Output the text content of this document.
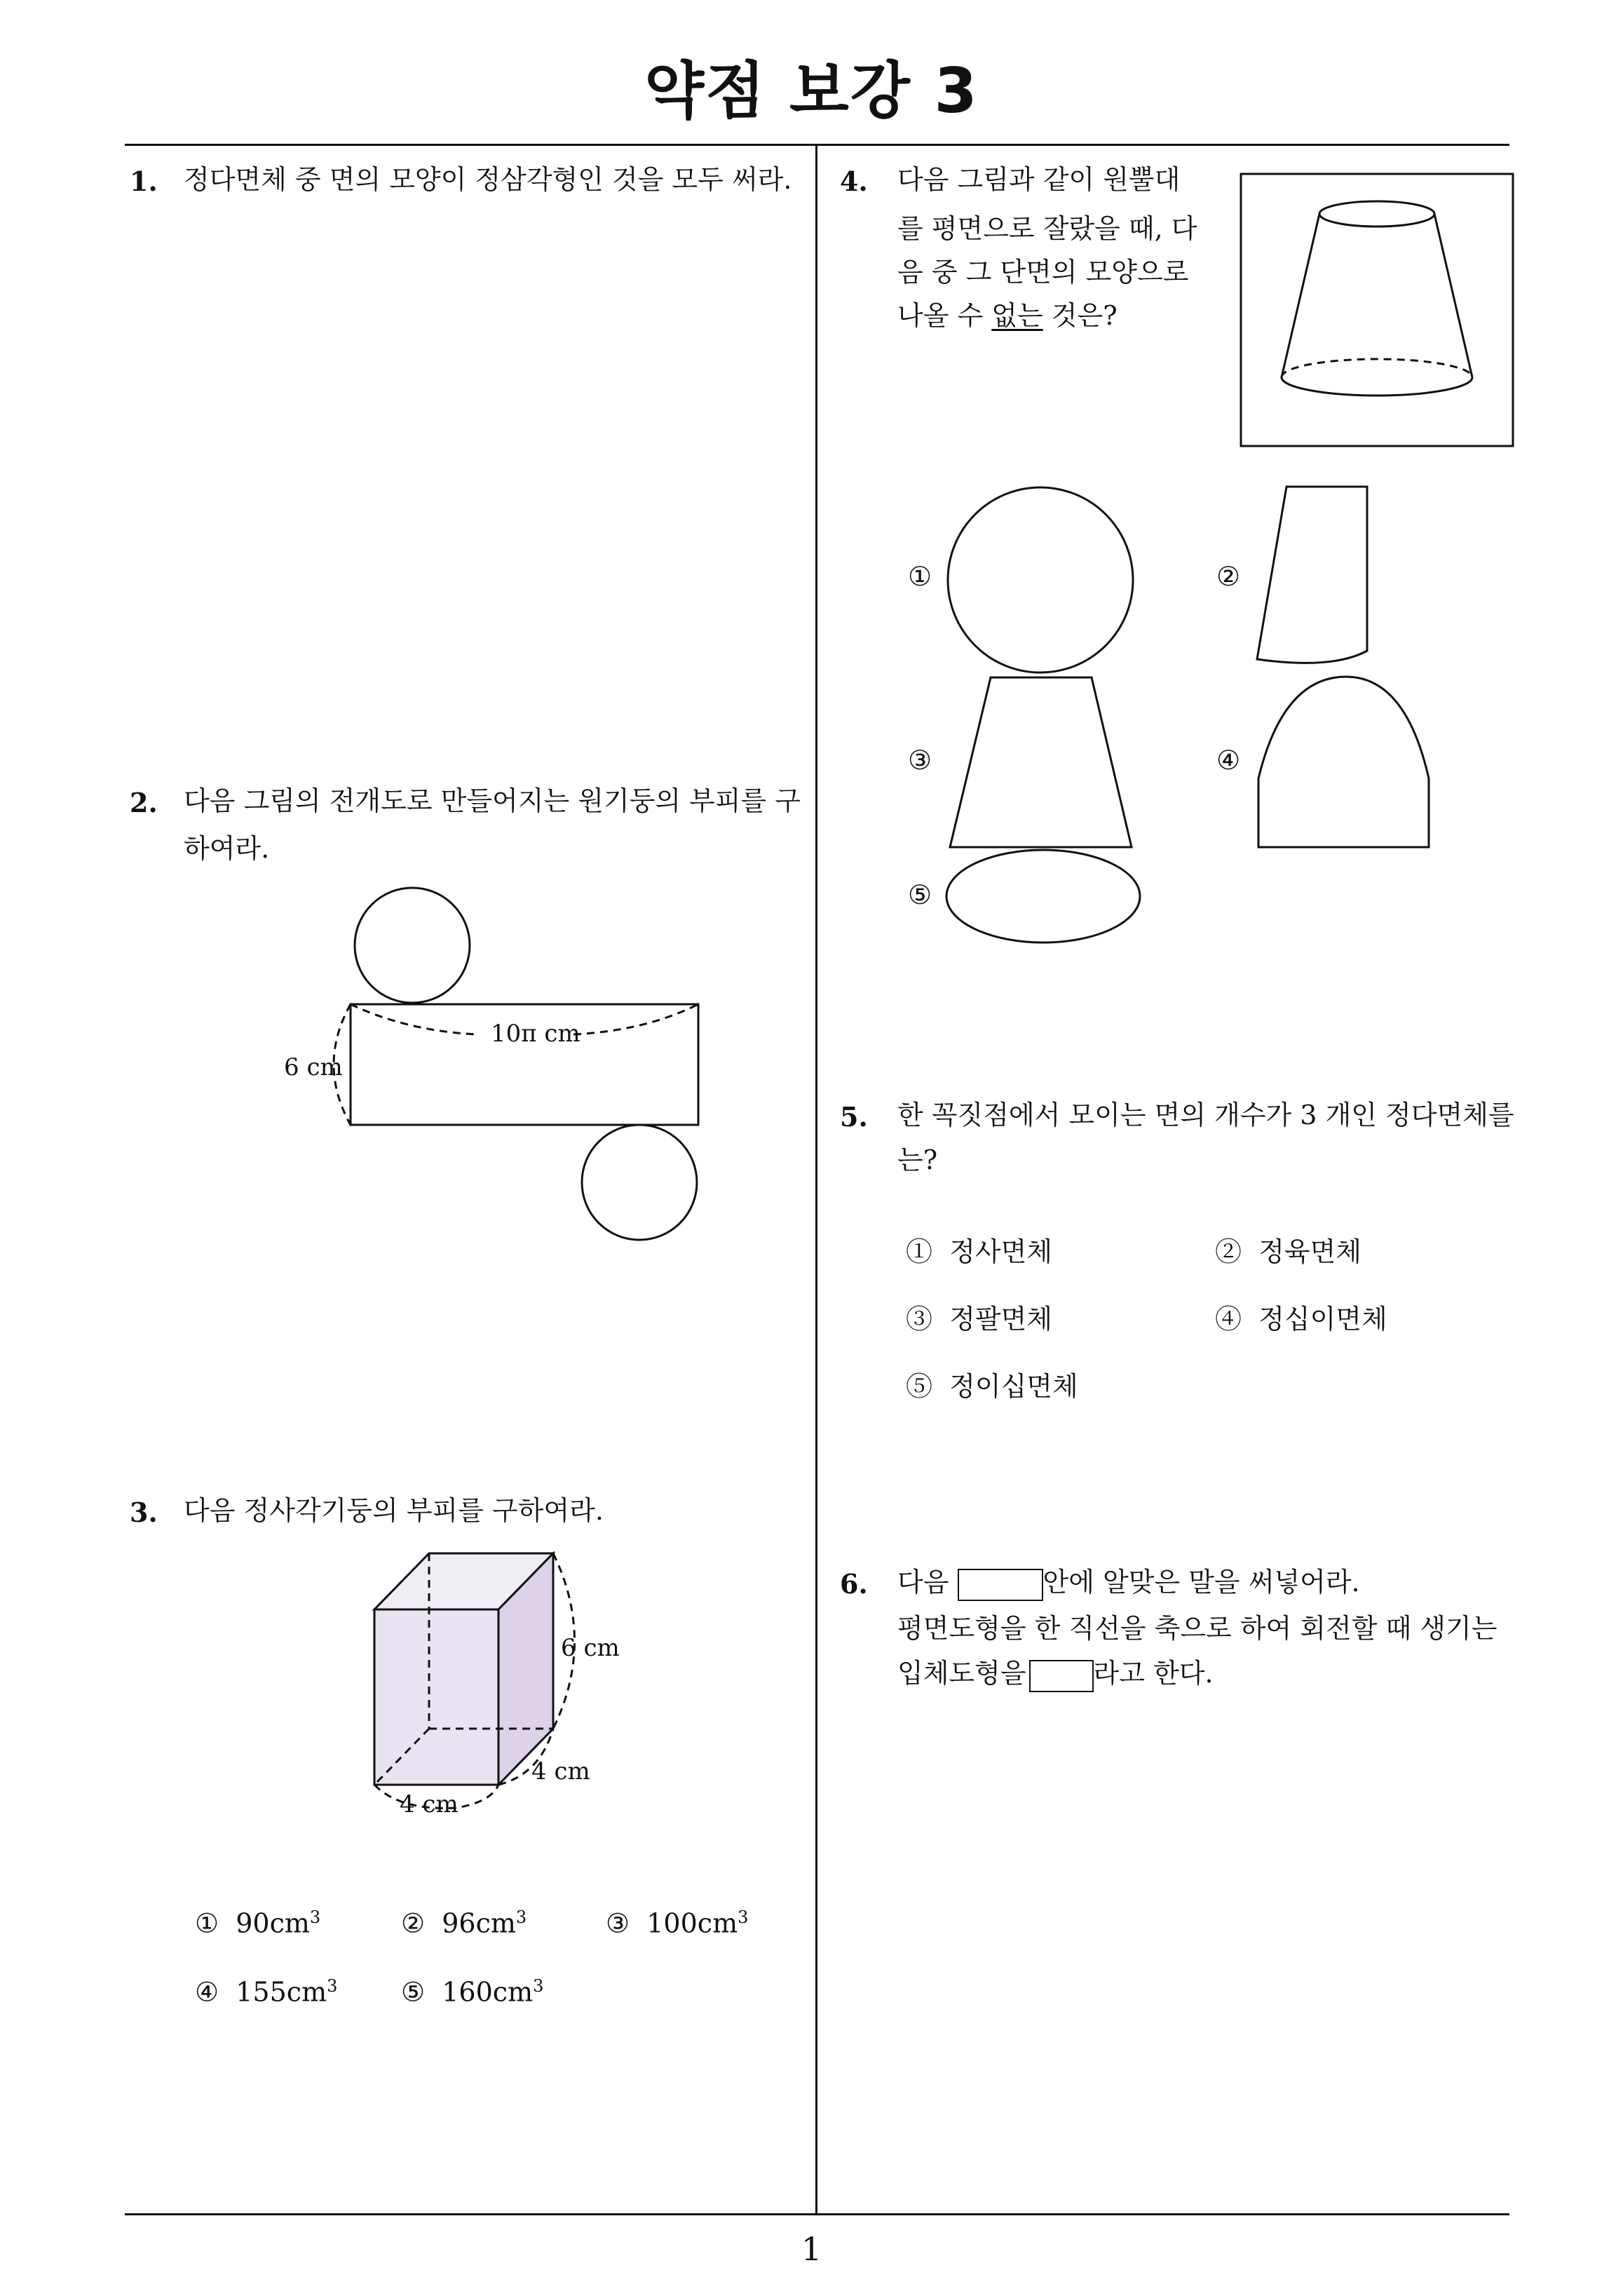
약점 보강 3
1
1. 정다면체 중 면의 모양이 정삼각형인 것을 모두 써라.
2. 다음 그림의 전개도로 만들어지는 원기둥의 부피를 구
하여라.
10π cm
6 cm
3. 다음 정사각기둥의 부피를 구하여라.
6 cm
4 cm
4 cm
① $90cm^3$	② $96cm^3$	③ $100cm^3$
④ $155cm^3$ ⑤ $160cm^3$
4. 다음 그림과 같이 원뿔대
를 평면으로 잘랐을 때, 다
음 중 그 단면의 모양으로
나올 수 없는 것은?
①	②
③	④
⑤
5. 한 꼭짓점에서 모이는 면의 개수가 3 개인 정다면체를
는?
① 정사면체	② 정육면체
③ 정팔면체	④ 정십이면체
⑤ 정이십면체
6. 다음	안에 알맞은 말을 써넣어라.
평면도형을 한 직선을 축으로 하여 회전할 때 생기는
입체도형을	라고 한다.
